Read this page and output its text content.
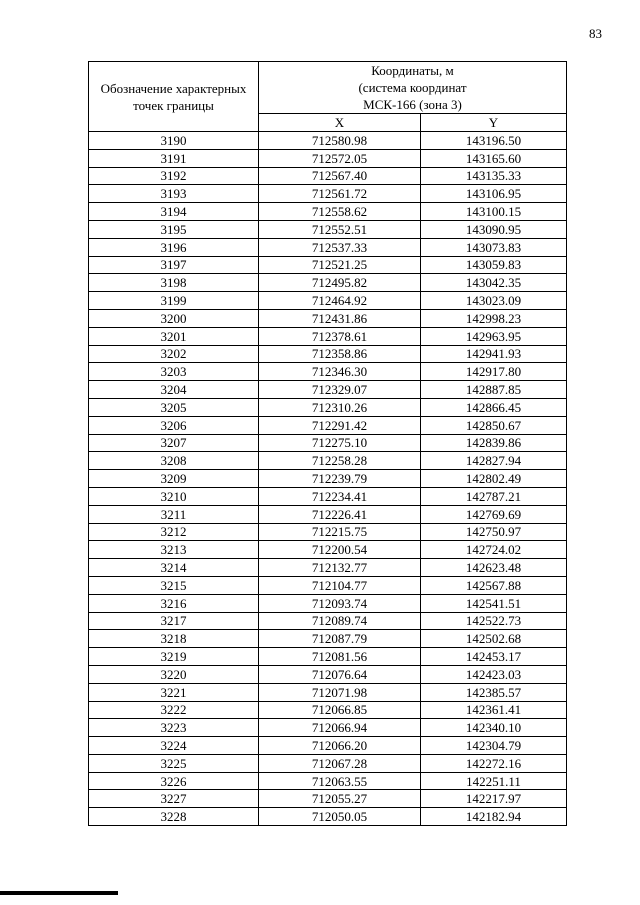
83
Обозначение характерных точек границы	Координаты, м
(система координат
МСК-166 (зона 3)	

	X	Y
3190	712580.98	143196.50
3191	712572.05	143165.60
3192	712567.40	143135.33
3193	712561.72	143106.95
3194	712558.62	143100.15
3195	712552.51	143090.95
3196	712537.33	143073.83
3197	712521.25	143059.83
3198	712495.82	143042.35
3199	712464.92	143023.09
3200	712431.86	142998.23
3201	712378.61	142963.95
3202	712358.86	142941.93
3203	712346.30	142917.80
3204	712329.07	142887.85
3205	712310.26	142866.45
3206	712291.42	142850.67
3207	712275.10	142839.86
3208	712258.28	142827.94
3209	712239.79	142802.49
3210	712234.41	142787.21
3211	712226.41	142769.69
3212	712215.75	142750.97
3213	712200.54	142724.02
3214	712132.77	142623.48
3215	712104.77	142567.88
3216	712093.74	142541.51
3217	712089.74	142522.73
3218	712087.79	142502.68
3219	712081.56	142453.17
3220	712076.64	142423.03
3221	712071.98	142385.57
3222	712066.85	142361.41
3223	712066.94	142340.10
3224	712066.20	142304.79
3225	712067.28	142272.16
3226	712063.55	142251.11
3227	712055.27	142217.97
3228	712050.05	142182.94
